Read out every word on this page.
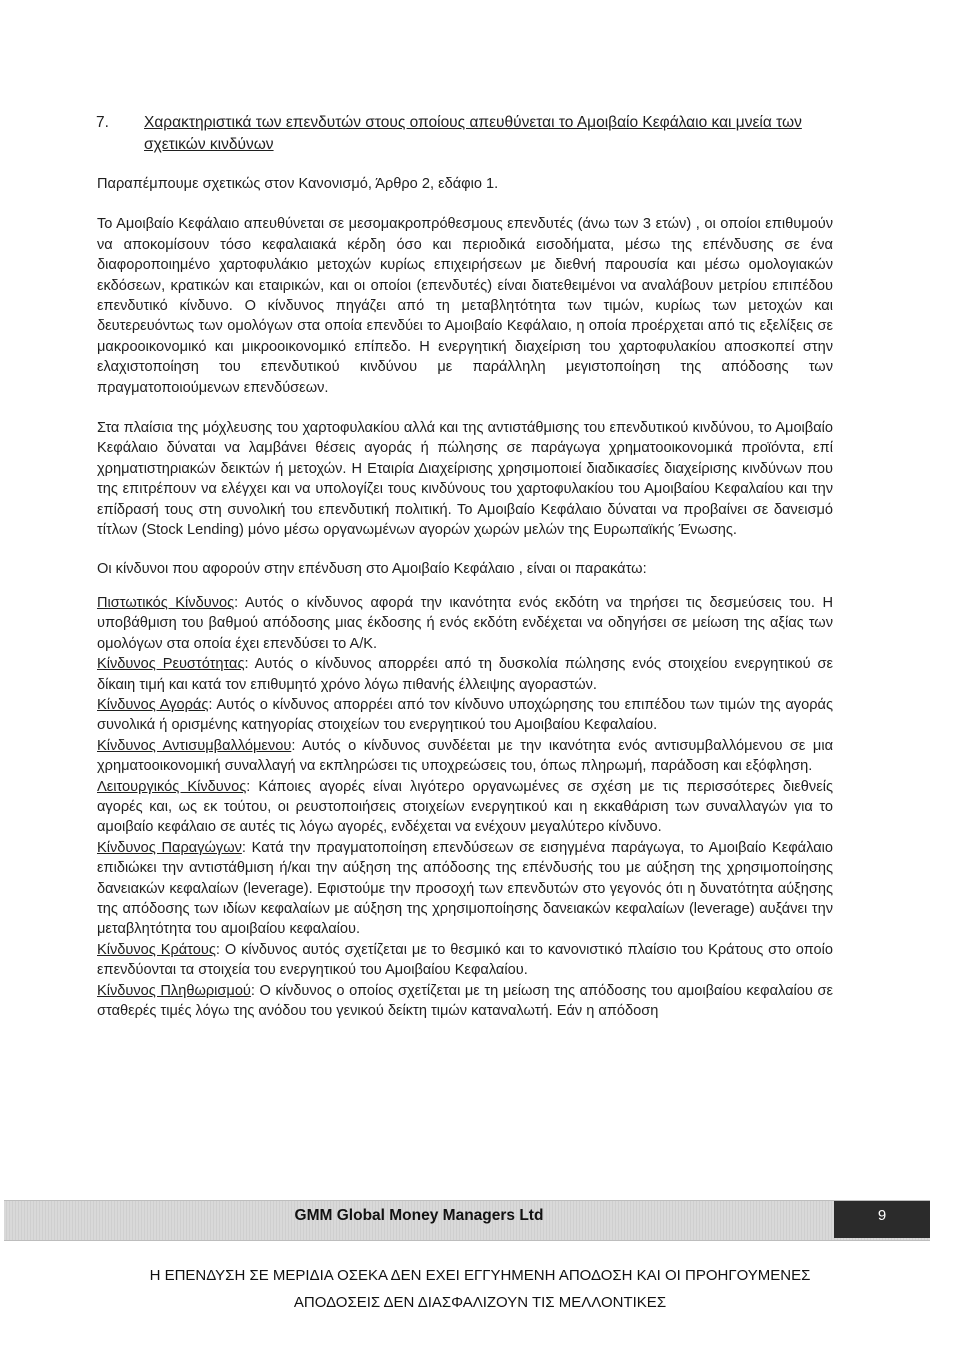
7. Χαρακτηριστικά των επενδυτών στους οποίους απευθύνεται το Αμοιβαίο Κεφάλαιο και μνεία των σχετικών κινδύνων

Παραπέμπουμε σχετικώς στον Κανονισμό, Άρθρο 2, εδάφιο 1.

Το Αμοιβαίο Κεφάλαιο απευθύνεται σε μεσομακροπρόθεσμους επενδυτές (άνω των 3 ετών) , οι οποίοι επιθυμούν να αποκομίσουν τόσο κεφαλαιακά κέρδη όσο και περιοδικά εισοδήματα, μέσω της επένδυσης σε ένα διαφοροποιημένο χαρτοφυλάκιο μετοχών κυρίως επιχειρήσεων με διεθνή παρουσία και μέσω ομολογιακών εκδόσεων, κρατικών και εταιρικών, και οι οποίοι (επενδυτές) είναι διατεθειμένοι να αναλάβουν μετρίου επιπέδου επενδυτικό κίνδυνο. Ο κίνδυνος πηγάζει από τη μεταβλητότητα των τιμών, κυρίως των μετοχών και δευτερευόντως των ομολόγων στα οποία επενδύει το Αμοιβαίο Κεφάλαιο, η οποία προέρχεται από τις εξελίξεις σε μακροοικονομικό και μικροοικονομικό επίπεδο. Η ενεργητική διαχείριση του χαρτοφυλακίου αποσκοπεί στην ελαχιστοποίηση του επενδυτικού κινδύνου με παράλληλη μεγιστοποίηση της απόδοσης των πραγματοποιούμενων επενδύσεων.

Στα πλαίσια της μόχλευσης του χαρτοφυλακίου αλλά και της αντιστάθμισης του επενδυτικού κινδύνου, το Αμοιβαίο Κεφάλαιο δύναται να λαμβάνει θέσεις αγοράς ή πώλησης σε παράγωγα χρηματοοικονομικά προϊόντα, επί χρηματιστηριακών δεικτών ή μετοχών. Η Εταιρία Διαχείρισης χρησιμοποιεί διαδικασίες διαχείρισης κινδύνων που της επιτρέπουν να ελέγχει και να υπολογίζει τους κινδύνους του χαρτοφυλακίου του Αμοιβαίου Κεφαλαίου και την επίδρασή τους στη συνολική του επενδυτική πολιτική. Το Αμοιβαίο Κεφάλαιο δύναται να προβαίνει σε δανεισμό τίτλων (Stock Lending) μόνο μέσω οργανωμένων αγορών χωρών μελών της Ευρωπαϊκής Ένωσης.

Οι κίνδυνοι που αφορούν στην επένδυση στο Αμοιβαίο Κεφάλαιο , είναι οι παρακάτω:

Πιστωτικός Κίνδυνος: Αυτός ο κίνδυνος αφορά την ικανότητα ενός εκδότη να τηρήσει τις δεσμεύσεις του. Η υποβάθμιση του βαθμού απόδοσης μιας έκδοσης ή ενός εκδότη ενδέχεται να οδηγήσει σε μείωση της αξίας των ομολόγων στα οποία έχει επενδύσει το Α/Κ.

Κίνδυνος Ρευστότητας: Αυτός ο κίνδυνος απορρέει από τη δυσκολία πώλησης ενός στοιχείου ενεργητικού σε δίκαιη τιμή και κατά τον επιθυμητό χρόνο λόγω πιθανής έλλειψης αγοραστών.

Κίνδυνος Αγοράς: Αυτός ο κίνδυνος απορρέει από τον κίνδυνο υποχώρησης του επιπέδου των τιμών της αγοράς συνολικά ή ορισμένης κατηγορίας στοιχείων του ενεργητικού του Αμοιβαίου Κεφαλαίου.

Κίνδυνος Αντισυμβαλλόμενου: Αυτός ο κίνδυνος συνδέεται με την ικανότητα ενός αντισυμβαλλόμενου σε μια χρηματοοικονομική συναλλαγή να εκπληρώσει τις υποχρεώσεις του, όπως πληρωμή, παράδοση και εξόφληση.

Λειτουργικός Κίνδυνος: Κάποιες αγορές είναι λιγότερο οργανωμένες σε σχέση με τις περισσότερες διεθνείς αγορές και, ως εκ τούτου, οι ρευστοποιήσεις στοιχείων ενεργητικού και η εκκαθάριση των συναλλαγών για το αμοιβαίο κεφάλαιο σε αυτές τις λόγω αγορές, ενδέχεται να ενέχουν μεγαλύτερο κίνδυνο.

Κίνδυνος Παραγώγων: Κατά την πραγματοποίηση επενδύσεων σε εισηγμένα παράγωγα, το Αμοιβαίο Κεφάλαιο επιδιώκει την αντιστάθμιση ή/και την αύξηση της απόδοσης της επένδυσής του με αύξηση της χρησιμοποίησης δανειακών κεφαλαίων (leverage). Εφιστούμε την προσοχή των επενδυτών στο γεγονός ότι η δυνατότητα αύξησης της απόδοσης των ιδίων κεφαλαίων με αύξηση της χρησιμοποίησης δανειακών κεφαλαίων (leverage) αυξάνει την μεταβλητότητα του αμοιβαίου κεφαλαίου.

Κίνδυνος Κράτους: Ο κίνδυνος αυτός σχετίζεται με το θεσμικό και το κανονιστικό πλαίσιο του Κράτους στο οποίο επενδύονται τα στοιχεία του ενεργητικού του Αμοιβαίου Κεφαλαίου.

Κίνδυνος Πληθωρισμού: Ο κίνδυνος ο οποίος σχετίζεται με τη μείωση της απόδοσης του αμοιβαίου κεφαλαίου σε σταθερές τιμές λόγω της ανόδου του γενικού δείκτη τιμών καταναλωτή. Εάν η απόδοση

GMM Global Money Managers Ltd	9
Η ΕΠΕΝΔΥΣΗ ΣΕ ΜΕΡΙΔΙΑ ΟΣΕΚΑ ΔΕΝ ΕΧΕΙ ΕΓΓΥΗΜΕΝΗ ΑΠΟΔΟΣΗ ΚΑΙ ΟΙ ΠΡΟΗΓΟΥΜΕΝΕΣ
ΑΠΟΔΟΣΕΙΣ ΔΕΝ ΔΙΑΣΦΑΛΙΖΟΥΝ ΤΙΣ ΜΕΛΛΟΝΤΙΚΕΣ
